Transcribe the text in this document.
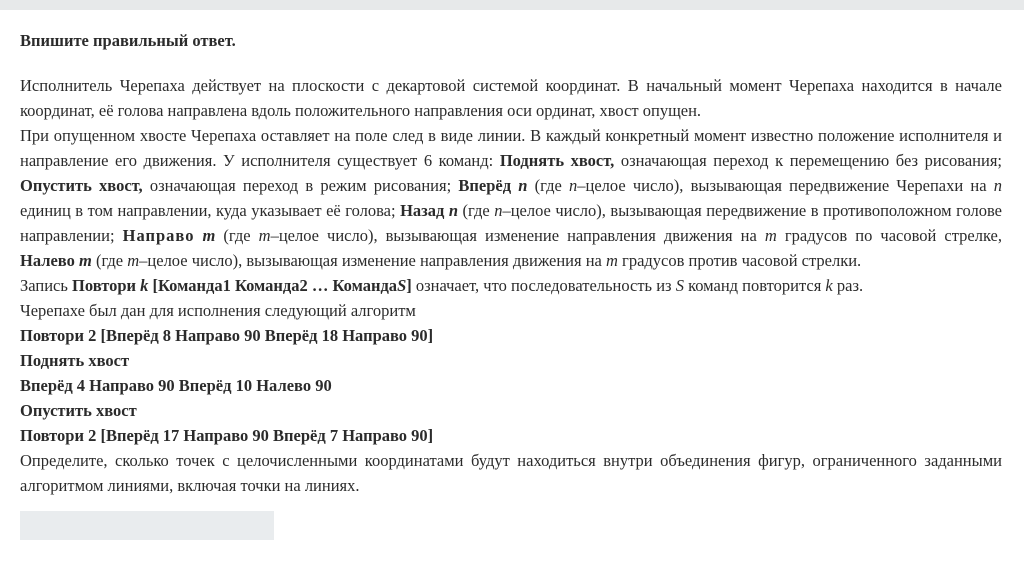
Впишите правильный ответ.

Исполнитель Черепаха действует на плоскости с декартовой системой координат. В начальный момент Черепаха находится в начале координат, её голова направлена вдоль положительного направления оси ординат, хвост опущен.

При опущенном хвосте Черепаха оставляет на поле след в виде линии. В каждый конкретный момент известно положение исполнителя и направление его движения. У исполнителя существует 6 команд: Поднять хвост, означающая переход к перемещению без рисования; Опустить хвост, означающая переход в режим рисования; Вперёд n (где n–целое число), вызывающая передвижение Черепахи на n единиц в том направлении, куда указывает её голова; Назад n (где n–целое число), вызывающая передвижение в противоположном голове направлении; Направо m (где m–целое число), вызывающая изменение направления движения на m градусов по часовой стрелке, Налево m (где m–целое число), вызывающая изменение направления движения на m градусов против часовой стрелки.

Запись Повтори k [Команда1 Команда2 … КомандаS] означает, что последовательность из S команд повторится k раз.

Черепахе был дан для исполнения следующий алгоритм

Повтори 2 [Вперёд 8 Направо 90 Вперёд 18 Направо 90]

Поднять хвост

Вперёд 4 Направо 90 Вперёд 10 Налево 90

Опустить хвост

Повтори 2 [Вперёд 17 Направо 90 Вперёд 7 Направо 90]

Определите, сколько точек с целочисленными координатами будут находиться внутри объединения фигур, ограниченного заданными алгоритмом линиями, включая точки на линиях.
